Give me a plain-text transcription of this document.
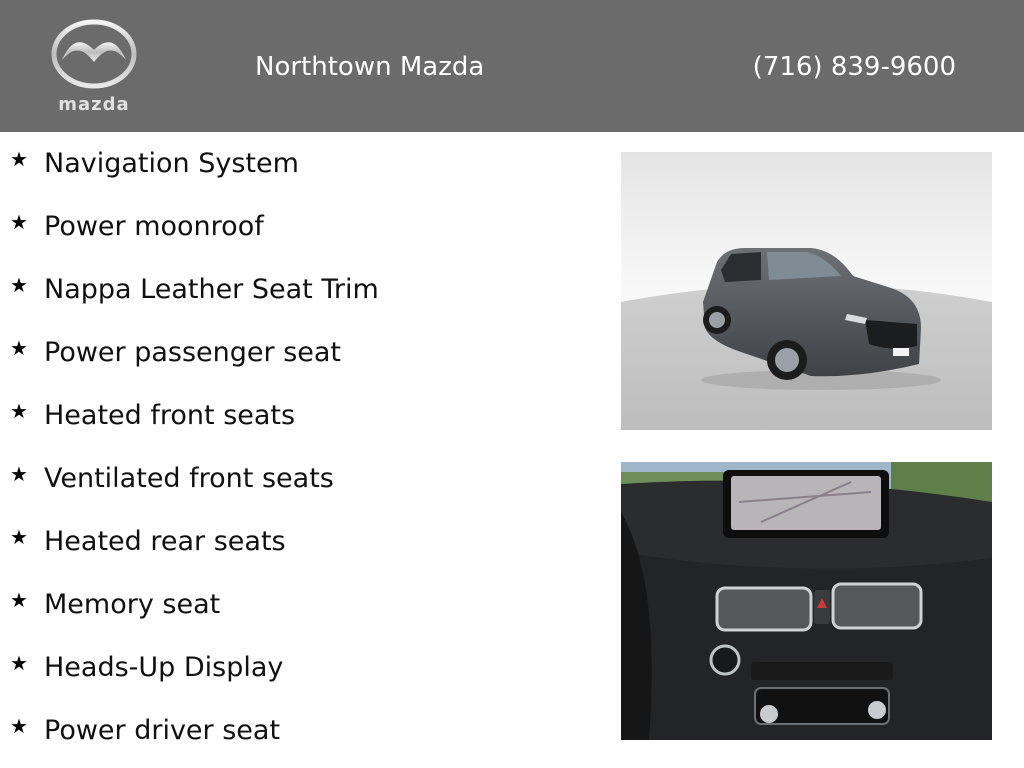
mazda
Northtown Mazda	(716) 839-9600
★ Navigation System
★ Power moonroof
★ Nappa Leather Seat Trim
★ Power passenger seat
★ Heated front seats
★ Ventilated front seats
★ Heated rear seats
★ Memory seat
★ Heads-Up Display
★ Power driver seat
